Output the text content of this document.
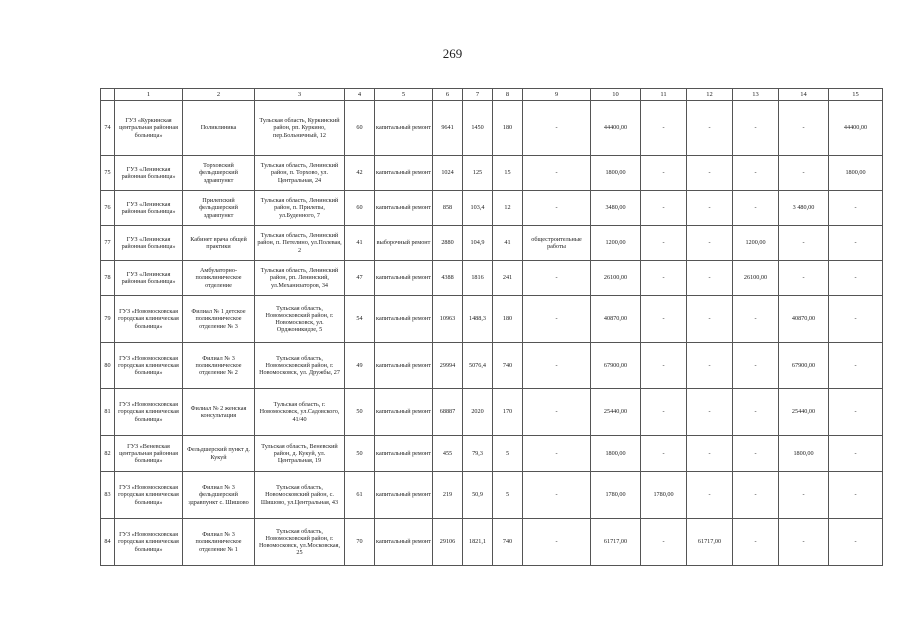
269
	1	2	3	4	5	6	7	8	9	10	11	12	13	14	15
74	ГУЗ «Куркинская центральная районная больница»	Поликлиника	Тульская область, Куркинский район, рп. Куркино, пер.Больничный, 12	60	капитальный ремонт	9641	1450	180	-	44400,00	-	-	-	-	44400,00
75	ГУЗ «Ленинская районная больница»	Торховский фельдшерский здравпункт	Тульская область, Ленинский район, п. Торхово, ул. Центральная, 24	42	капитальный ремонт	1024	125	15	-	1800,00	-	-	-	-	1800,00
76	ГУЗ «Ленинская районная больница»	Прилепский фельдшерский здравпункт	Тульская область, Ленинский район, п. Прилепы, ул.Буденного, 7	60	капитальный ремонт	858	103,4	12	-	3480,00	-	-	-	3 480,00	-
77	ГУЗ «Ленинская районная больница»	Кабинет врача общей практики	Тульская область, Ленинский район, п. Петелино, ул.Полевая, 2	41	выборочный ремонт	2880	104,9	41	общестроительные работы	1200,00	-	-	1200,00	-	-
78	ГУЗ «Ленинская районная больница»	Амбулаторно-поликлиническое отделение	Тульская область, Ленинский район, рп. Ленинский, ул.Механизаторов, 34	47	капитальный ремонт	4388	1816	241	-	26100,00	-	-	26100,00	-	-
79	ГУЗ «Новомосковская городская клиническая больница»	Филиал № 1 детское поликлиническое отделение № 3	Тульская область, Новомосковский район, г. Новомосковск, ул. Орджоникидзе, 5	54	капитальный ремонт	10963	1488,3	180	-	40870,00	-	-	-	40870,00	-
80	ГУЗ «Новомосковская городская клиническая больница»	Филиал № 3 поликлиническое отделение № 2	Тульская область, Новомосковский район, г. Новомосковск, ул. Дружбы, 27	49	капитальный ремонт	29994	5076,4	740	-	67900,00	-	-	-	67900,00	-
81	ГУЗ «Новомосковская городская клиническая больница»	Филиал № 2 женская консультация	Тульская область, г. Новомосковск, ул.Садовского, 41/40	50	капитальный ремонт	68887	2020	170	-	25440,00	-	-	-	25440,00	-
82	ГУЗ «Веневская центральная районная больница»	Фельдшерский пункт д. Кукуй	Тульская область, Веневский район, д. Кукуй, ул. Центральная, 19	50	капитальный ремонт	455	79,3	5	-	1800,00	-	-	-	1800,00	-
83	ГУЗ «Новомосковская городская клиническая больница»	Филиал № 3 фельдшерский здравпункт с. Шишово	Тульская область, Новомосковский район, с. Шишово, ул.Центральная, 43	61	капитальный ремонт	219	50,9	5	-	1780,00	1780,00	-	-	-	-
84	ГУЗ «Новомосковская городская клиническая больница»	Филиал № 3 поликлиническое отделение № 1	Тульская область, Новомосковский район, г. Новомосковск, ул.Московская, 25	70	капитальный ремонт	29106	1821,1	740	-	61717,00	-	61717,00	-	-	-
